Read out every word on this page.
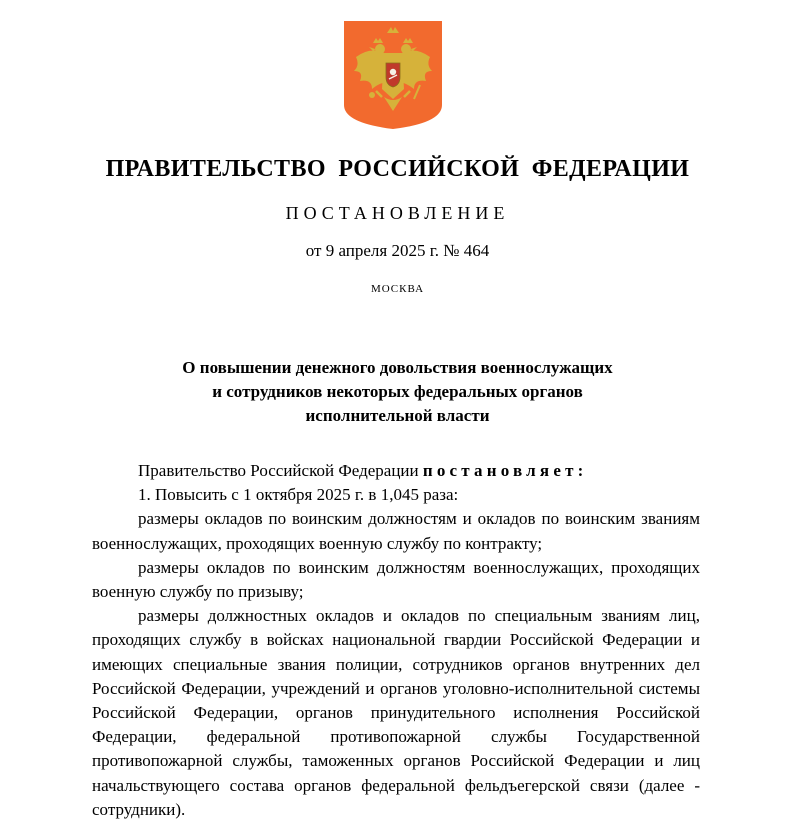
ПРАВИТЕЛЬСТВО РОССИЙСКОЙ ФЕДЕРАЦИИ
ПОСТАНОВЛЕНИЕ
от 9 апреля 2025 г. № 464
МОСКВА
О повышении денежного довольствия военнослужащих
и сотрудников некоторых федеральных органов
исполнительной власти

Правительство Российской Федерации постановляет:

1. Повысить с 1 октября 2025 г. в 1,045 раза:

размеры окладов по воинским должностям и окладов по воинским званиям военнослужащих, проходящих военную службу по контракту;

размеры окладов по воинским должностям военнослужащих, проходящих военную службу по призыву;

размеры должностных окладов и окладов по специальным званиям лиц, проходящих службу в войсках национальной гвардии Российской Федерации и имеющих специальные звания полиции, сотрудников органов внутренних дел Российской Федерации, учреждений и органов уголовно-исполнительной системы Российской Федерации, органов принудительного исполнения Российской Федерации, федеральной противопожарной службы Государственной противопожарной службы, таможенных органов Российской Федерации и лиц начальствующего состава органов федеральной фельдъегерской связи (далее - сотрудники).
